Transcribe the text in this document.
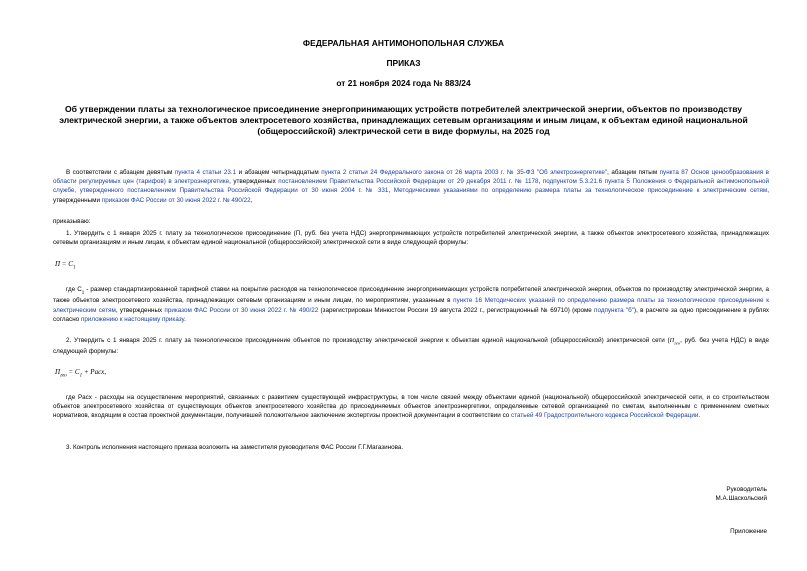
ФЕДЕРАЛЬНАЯ АНТИМОНОПОЛЬНАЯ СЛУЖБА
ПРИКАЗ
от 21 ноября 2024 года № 883/24
Об утверждении платы за технологическое присоединение энергопринимающих устройств потребителей электрической энергии, объектов по производству электрической энергии, а также объектов электросетевого хозяйства, принадлежащих сетевым организациям и иным лицам, к объектам единой национальной (общероссийской) электрической сети в виде формулы, на 2025 год
В соответствии с абзацем девятым пункта 4 статьи 23.1 и абзацем четырнадцатым пункта 2 статьи 24 Федерального закона от 26 марта 2003 г. № 35-ФЗ "Об электроэнергетике", абзацем пятым пункта 87 Основ ценообразования в области регулируемых цен (тарифов) в электроэнергетике, утвержденных постановлением Правительства Российской Федерации от 29 декабря 2011 г. № 1178, подпунктом 5.3.21.6 пункта 5 Положения о Федеральной антимонопольной службе, утвержденного постановлением Правительства Российской Федерации от 30 июня 2004 г. № 331, Методическими указаниями по определению размера платы за технологическое присоединение к электрическим сетям, утвержденными приказом ФАС России от 30 июня 2022 г. № 490/22,
приказываю:
1. Утвердить с 1 января 2025 г. плату за технологическое присоединение (П, руб. без учета НДС) энергопринимающих устройств потребителей электрической энергии, а также объектов электросетевого хозяйства, принадлежащих сетевым организациям и иным лицам, к объектам единой национальной (общероссийской) электрической сети в виде следующей формулы:
$П = С_1$
где $С_1$ - размер стандартизированной тарифной ставки на покрытие расходов на технологическое присоединение энергопринимающих устройств потребителей электрической энергии, объектов по производству электрической энергии, а также объектов электросетевого хозяйства, принадлежащих сетевым организациям и иным лицам, по мероприятиям, указанным в пункте 16 Методических указаний по определению размера платы за технологическое присоединение к электрическим сетям, утвержденных приказом ФАС России от 30 июня 2022 г. № 490/22 (зарегистрирован Минюстом России 19 августа 2022 г., регистрационный № 69710) (кроме подпункта "б"), в расчете за одно присоединение в рублях согласно приложению к настоящему приказу.
2. Утвердить с 1 января 2025 г. плату за технологическое присоединение объектов по производству электрической энергии к объектам единой национальной (общероссийской) электрической сети ($П_{гео}$, руб. без учета НДС) в виде следующей формулы:
$П_{гео} = С_1$ + Pасх,
где Pасх - расходы на осуществление мероприятий, связанных с развитием существующей инфраструктуры, в том числе связей между объектами единой (национальной) общероссийской электрической сети, и со строительством объектов электросетевого хозяйства от существующих объектов электросетевого хозяйства до присоединяемых объектов электроэнергетики, определяемые сетевой организацией по сметам, выполненным с применением сметных нормативов, входящим в состав проектной документации, получившей положительное заключение экспертизы проектной документации в соответствии со статьей 49 Градостроительного кодекса Российской Федерации.
3. Контроль исполнения настоящего приказа возложить на заместителя руководителя ФАС России Г.Г.Магазинова.
Руководитель
М.А.Шаскольский
Приложение
